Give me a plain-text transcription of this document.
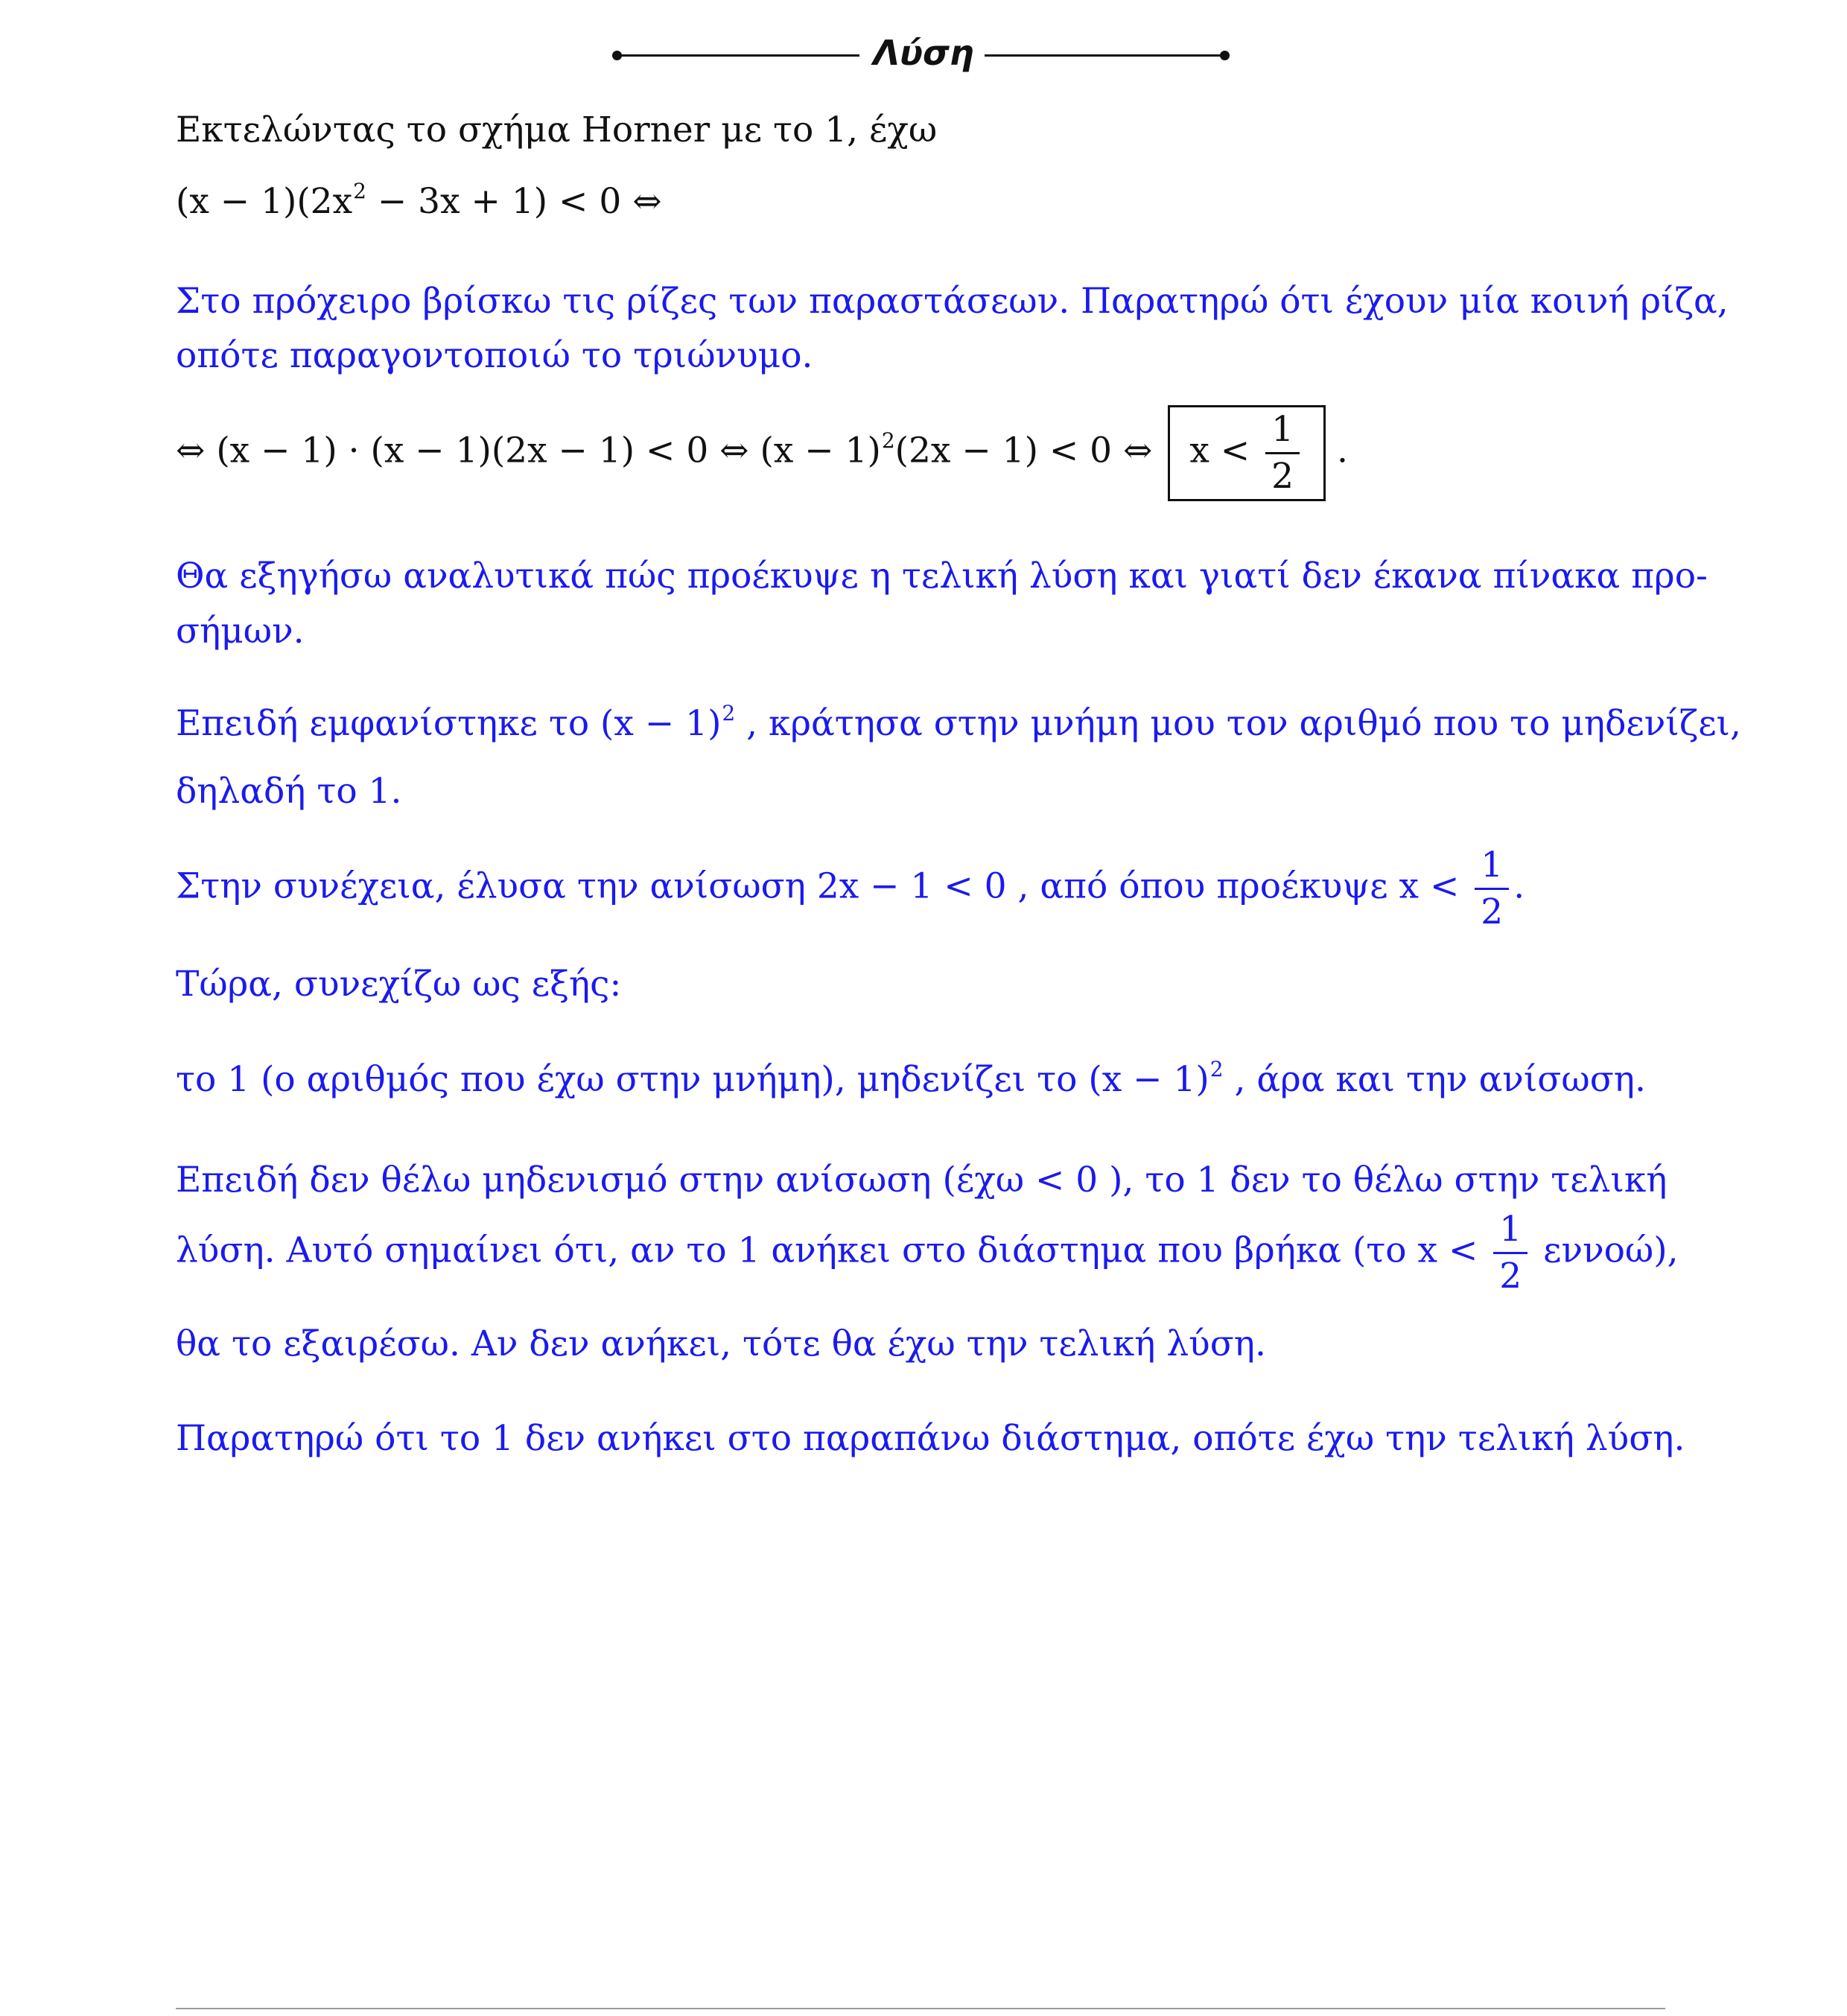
Λύση
Εκτελώντας το σχήμα Horner με το 1, έχω
$(x - 1)(2x^2 - 3x + 1) < 0$ ⇔
Στο πρόχειρο βρίσκω τις ρίζες των παραστάσεων. Παρατηρώ ότι έχουν μία κοινή ρίζα,
οπότε παραγοντοποιώ το τριώνυμο.
⇔ (x − 1) · (x − 1)(2x − 1) < 0 ⇔ $(x - 1)^2(2x - 1) < 0$ ⇔ $x < \frac{1}{2}$ .
Θα εξηγήσω αναλυτικά πώς προέκυψε η τελική λύση και γιατί δεν έκανα πίνακα προ-
σήμων.
Επειδή εμφανίστηκε το $(x - 1)^2$ , κράτησα στην μνήμη μου τον αριθμό που το μηδενίζει,
δηλαδή το 1.
Στην συνέχεια, έλυσα την ανίσωση 2x − 1 < 0 , από όπου προέκυψε $x < \frac{1}{2}$ .
Τώρα, συνεχίζω ως εξής:
το 1 (ο αριθμός που έχω στην μνήμη), μηδενίζει το $(x - 1)^2$ , άρα και την ανίσωση.
Επειδή δεν θέλω μηδενισμό στην ανίσωση (έχω < 0 ), το 1 δεν το θέλω στην τελική
λύση. Αυτό σημαίνει ότι, αν το 1 ανήκει στο διάστημα που βρήκα (το $x < \frac{1}{2} \varepsilon\nu\nu oώ$),
θα το εξαιρέσω. Αν δεν ανήκει, τότε θα έχω την τελική λύση.
Παρατηρώ ότι το 1 δεν ανήκει στο παραπάνω διάστημα, οπότε έχω την τελική λύση.
